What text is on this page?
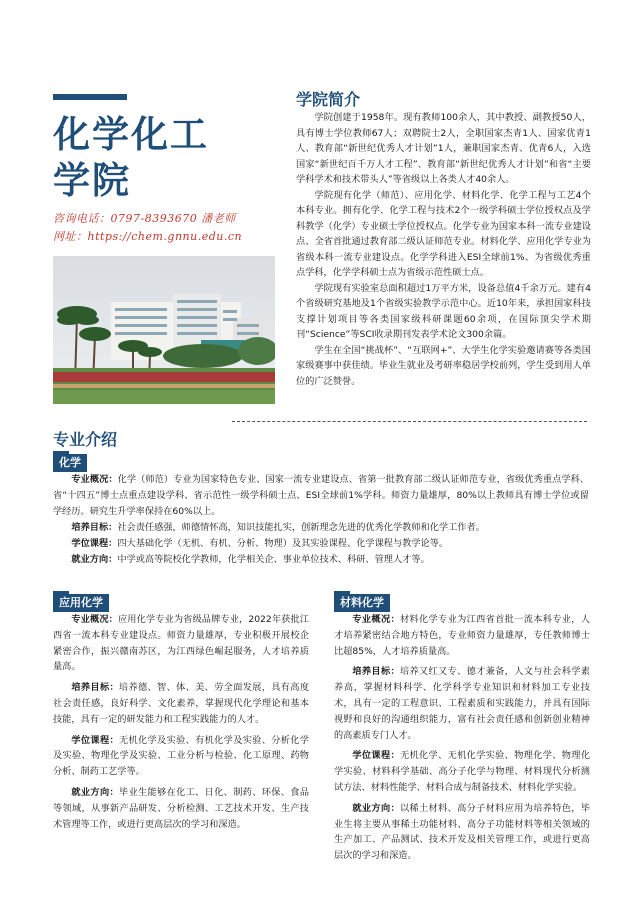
化学化工
学院
咨询电话：0797-8393670 潘老师
网址：https://chem.gnnu.edu.cn
学院简介

学院创建于1958年。现有教师100余人，其中教授、副教授50人，具有博士学位教师67人；双聘院士2人，全职国家杰青1人、国家优青1人、教育部“新世纪优秀人才计划”1人，兼职国家杰青、优青6人，入选国家“新世纪百千万人才工程”、教育部“新世纪优秀人才计划”和省“主要学科学术和技术带头人”等省级以上各类人才40余人。

学院现有化学（师范）、应用化学、材料化学、化学工程与工艺4个本科专业。拥有化学、化学工程与技术2个一级学科硕士学位授权点及学科教学（化学）专业硕士学位授权点。化学专业为国家本科一流专业建设点、全省首批通过教育部二级认证师范专业。材料化学、应用化学专业为省级本科一流专业建设点。化学学科进入ESI全球前1%、为省级优秀重点学科，化学学科硕士点为省级示范性硕士点。

学院现有实验室总面积超过1万平方米，设备总值4千余万元。建有4个省级研究基地及1个省级实验教学示范中心。近10年来，承担国家科技支撑计划项目等各类国家级科研课题60余项，在国际顶尖学术期刊“Science”等SCI收录期刊发表学术论文300余篇。

学生在全国“挑战杯”、“互联网+”、大学生化学实验邀请赛等各类国家级赛事中获佳绩。毕业生就业及考研率稳居学校前列，学生受到用人单位的广泛赞誉。

专业介绍
化学

专业概况：化学（师范）专业为国家特色专业、国家一流专业建设点、省第一批教育部二级认证师范专业，省级优秀重点学科、省“十四五”博士点重点建设学科、省示范性一级学科硕士点、ESI全球前1%学科。师资力量雄厚，80%以上教师具有博士学位或留学经历。研究生升学率保持在60%以上。

培养目标：社会责任感强，师德情怀高，知识技能扎实，创新理念先进的优秀化学教师和化学工作者。

学位课程：四大基础化学（无机、有机、分析、物理）及其实验课程、化学课程与教学论等。

就业方向：中学或高等院校化学教师，化学相关企、事业单位技术、科研、管理人才等。

应用化学

专业概况：应用化学专业为省级品牌专业，2022年获批江西省一流本科专业建设点。师资力量雄厚，专业积极开展校企紧密合作，振兴赣南苏区，为江西绿色崛起服务，人才培养质量高。

培养目标：培养德、智、体、美、劳全面发展，具有高度社会责任感，良好科学、文化素养，掌握现代化学理论和基本技能，具有一定的研发能力和工程实践能力的人才。

学位课程：无机化学及实验、有机化学及实验、分析化学及实验、物理化学及实验、工业分析与检验、化工原理、药物分析、制药工艺学等。

就业方向：毕业生能够在化工、日化、制药、环保、食品等领域，从事新产品研发、分析检测、工艺技术开发、生产技术管理等工作，或进行更高层次的学习和深造。

材料化学

专业概况：材料化学专业为江西省首批一流本科专业，人才培养紧密结合地方特色，专业师资力量雄厚，专任教师博士比超85%，人才培养质量高。

培养目标：培养又红又专、德才兼备，人文与社会科学素养高，掌握材料科学、化学科学专业知识和材料加工专业技术，具有一定的工程意识、工程素质和实践能力，并具有国际视野和良好的沟通组织能力，富有社会责任感和创新创业精神的高素质专门人才。

学位课程：无机化学、无机化学实验、物理化学、物理化学实验、材料科学基础、高分子化学与物理、材料现代分析测试方法、材料性能学、材料合成与制备技术、材料化学实验。

就业方向：以稀土材料、高分子材料应用为培养特色，毕业生将主要从事稀土功能材料、高分子功能材料等相关领域的生产加工、产品测试、技术开发及相关管理工作，或进行更高层次的学习和深造。
